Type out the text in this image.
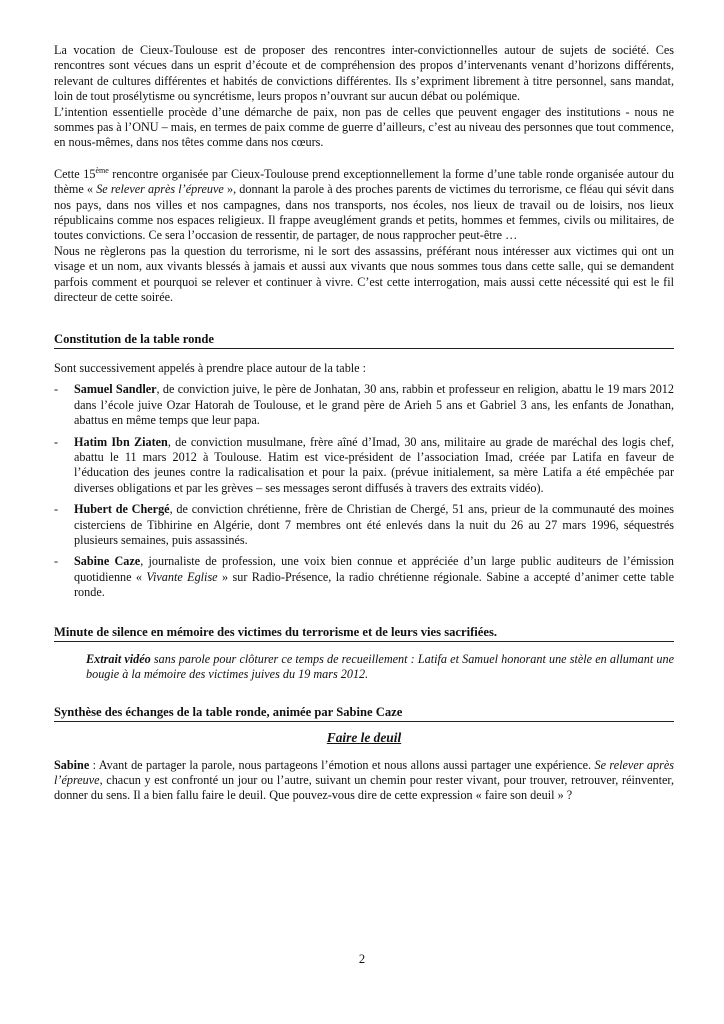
La vocation de Cieux-Toulouse est de proposer des rencontres inter-convictionnelles autour de sujets de société. Ces rencontres sont vécues dans un esprit d’écoute et de compréhension des propos d’intervenants venant d’horizons différents, relevant de cultures différentes et habités de convictions différentes. Ils s’expriment librement à titre personnel, sans mandat, loin de tout prosélytisme ou syncrétisme, leurs propos n’ouvrant sur aucun débat ou polémique.

L’intention essentielle procède d’une démarche de paix, non pas de celles que peuvent engager des institutions - nous ne sommes pas à l’ONU – mais, en termes de paix comme de guerre d’ailleurs, c’est au niveau des personnes que tout commence, en nous-mêmes, dans nos têtes comme dans nos cœurs.

Cette 15ème rencontre organisée par Cieux-Toulouse prend exceptionnellement la forme d’une table ronde organisée autour du thème « Se relever après l’épreuve », donnant la parole à des proches parents de victimes du terrorisme, ce fléau qui sévit dans nos pays, dans nos villes et nos campagnes, dans nos transports, nos écoles, nos lieux de travail ou de loisirs, nos lieux républicains comme nos espaces religieux. Il frappe aveuglément grands et petits, hommes et femmes, civils ou militaires, de toutes convictions. Ce sera l’occasion de ressentir, de partager, de nous rapprocher peut-être …

Nous ne règlerons pas la question du terrorisme, ni le sort des assassins, préférant nous intéresser aux victimes qui ont un visage et un nom, aux vivants blessés à jamais et aussi aux vivants que nous sommes tous dans cette salle, qui se demandent parfois comment et pourquoi se relever et continuer à vivre. C’est cette interrogation, mais aussi cette nécessité qui est le fil directeur de cette soirée.

Constitution de la table ronde

Sont successivement appelés à prendre place autour de la table :

- Samuel Sandler, de conviction juive, le père de Jonhatan, 30 ans, rabbin et professeur en religion, abattu le 19 mars 2012 dans l’école juive Ozar Hatorah de Toulouse, et le grand père de Arieh 5 ans et Gabriel 3 ans, les enfants de Jonathan, abattus en même temps que leur papa.
- Hatim Ibn Ziaten, de conviction musulmane, frère aîné d’Imad, 30 ans, militaire au grade de maréchal des logis chef, abattu le 11 mars 2012 à Toulouse. Hatim est vice-président de l’association Imad, créée par Latifa en faveur de l’éducation des jeunes contre la radicalisation et pour la paix. (prévue initialement, sa mère Latifa a été empêchée par diverses obligations et par les grèves – ses messages seront diffusés à travers des extraits vidéo).
- Hubert de Chergé, de conviction chrétienne, frère de Christian de Chergé, 51 ans, prieur de la communauté des moines cisterciens de Tibhirine en Algérie, dont 7 membres ont été enlevés dans la nuit du 26 au 27 mars 1996, séquestrés plusieurs semaines, puis assassinés.
- Sabine Caze, journaliste de profession, une voix bien connue et appréciée d’un large public auditeurs de l’émission quotidienne « Vivante Eglise » sur Radio-Présence, la radio chrétienne régionale. Sabine a accepté d’animer cette table ronde.
Minute de silence en mémoire des victimes du terrorisme et de leurs vies sacrifiées.

Extrait vidéo sans parole pour clôturer ce temps de recueillement : Latifa et Samuel honorant une stèle en allumant une bougie à la mémoire des victimes juives du 19 mars 2012.

Synthèse des échanges de la table ronde, animée par Sabine Caze

Faire le deuil

Sabine : Avant de partager la parole, nous partageons l’émotion et nous allons aussi partager une expérience. Se relever après l’épreuve, chacun y est confronté un jour ou l’autre, suivant un chemin pour rester vivant, pour trouver, retrouver, réinventer, donner du sens. Il a bien fallu faire le deuil. Que pouvez-vous dire de cette expression « faire son deuil » ?

2
